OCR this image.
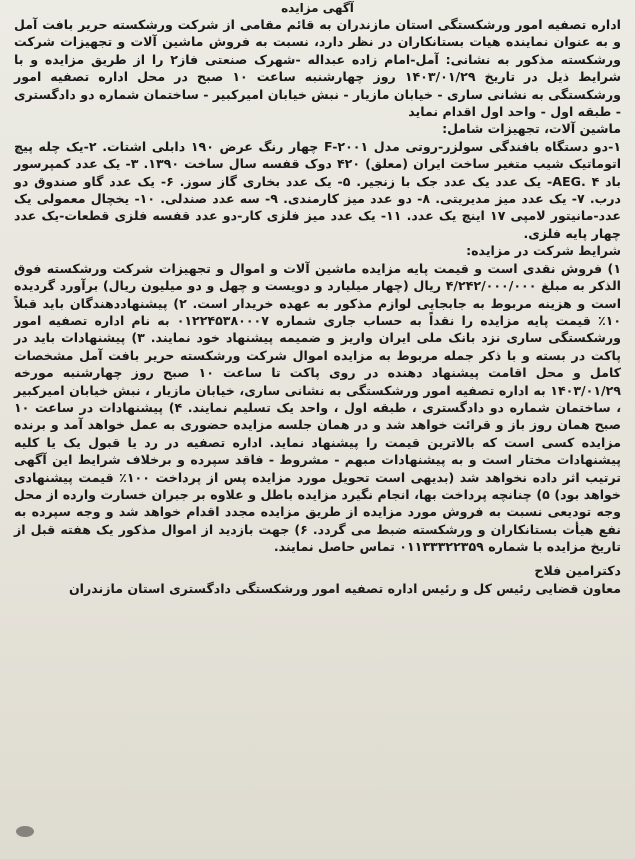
آگهی مزایده

اداره تصفیه امور ورشکستگی استان مازندران به قائم مقامی از شرکت ورشکسته حریر بافت آمل و به عنوان نماینده هیات بستانکاران در نظر دارد، نسبت به فروش ماشین آلات و تجهیزات شرکت ورشکسته مذکور به نشانی: آمل-امام زاده عبداله -شهرک صنعتی فاز۲ را از طریق مزایده و با شرایط ذیل در تاریخ ۱۴۰۳/۰۱/۲۹ روز چهارشنبه ساعت ۱۰ صبح در محل اداره تصفیه امور ورشکستگی به نشانی ساری - خیابان مازیار - نبش خیابان امیرکبیر - ساختمان شماره دو دادگستری - طبقه اول - واحد اول اقدام نماید

ماشین آلات، تجهیزات شامل:

۱-دو دستگاه بافندگی سولزر-روتی مدل F-۲۰۰۱ چهار رنگ عرض ۱۹۰ دابلی اشتات. ۲-یک چله پیچ اتوماتیک شیب متغیر ساخت ایران (معلق) ۴۲۰ دوک قفسه سال ساخت ۱۳۹۰. ۳- یک عدد کمپرسور باد AEG. ۴- یک عدد یک عدد جک با زنجیر. ۵- یک عدد بخاری گاز سوز. ۶- یک عدد گاو صندوق دو درب. ۷- یک عدد میز مدیریتی. ۸- دو عدد میز کارمندی. ۹- سه عدد صندلی. ۱۰- یخچال معمولی یک عدد-مانیتور لامپی ۱۷ اینچ یک عدد. ۱۱- یک عدد میز فلزی کار-دو عدد قفسه فلزی قطعات-یک عدد چهار پایه فلزی.

شرایط شرکت در مزایده:

۱) فروش نقدی است و قیمت پایه مزایده ماشین آلات و اموال و تجهیزات شرکت ورشکسته فوق الذکر به مبلغ ۴/۲۴۲/۰۰۰/۰۰۰ ریال (چهار میلیارد و دویست و چهل و دو میلیون ریال) برآورد گردیده است و هزینه مربوط به جابجایی لوازم مذکور به عهده خریدار است. ۲) پیشنهاددهندگان باید قبلاً ۱۰٪ قیمت پایه مزایده را نقداً به حساب جاری شماره ۰۱۲۲۴۵۳۸۰۰۰۷ به نام اداره تصفیه امور ورشکستگی ساری نزد بانک ملی ایران واریز و ضمیمه پیشنهاد خود نمایند. ۳) پیشنهادات باید در پاکت در بسته و با ذکر جمله مربوط به مزایده اموال شرکت ورشکسته حریر بافت آمل مشخصات کامل و محل اقامت پیشنهاد دهنده در روی پاکت تا ساعت ۱۰ صبح روز چهارشنبه مورخه ۱۴۰۳/۰۱/۲۹ به اداره تصفیه امور ورشکستگی به نشانی ساری، خیابان مازیار ، نبش خیابان امیرکبیر ، ساختمان شماره دو دادگستری ، طبقه اول ، واحد یک تسلیم نمایند. ۴) پیشنهادات در ساعت ۱۰ صبح همان روز باز و قرائت خواهد شد و در همان جلسه مزایده حضوری به عمل خواهد آمد و برنده مزایده کسی است که بالاترین قیمت را پیشنهاد نماید. اداره تصفیه در رد یا قبول یک یا کلیه پیشنهادات مختار است و به پیشنهادات مبهم - مشروط - فاقد سپرده و برخلاف شرایط این آگهی ترتیب اثر داده نخواهد شد (بدیهی است تحویل مورد مزایده پس از پرداخت ۱۰۰٪ قیمت پیشنهادی خواهد بود) ۵) چنانچه پرداخت بها، انجام نگیرد مزایده باطل و علاوه بر جبران خسارت وارده از محل وجه تودیعی نسبت به فروش مورد مزایده از طریق مزایده مجدد اقدام خواهد شد و وجه سپرده به نفع هیأت بستانکاران و ورشکسته ضبط می گردد. ۶) جهت بازدید از اموال مذکور یک هفته قبل از تاریخ مزایده با شماره ۰۱۱۳۳۳۲۲۳۵۹ تماس حاصل نمایند.

دکترامین فلاح

معاون قضایی رئیس کل و رئیس اداره تصفیه امور ورشکستگی دادگستری استان مازندران
